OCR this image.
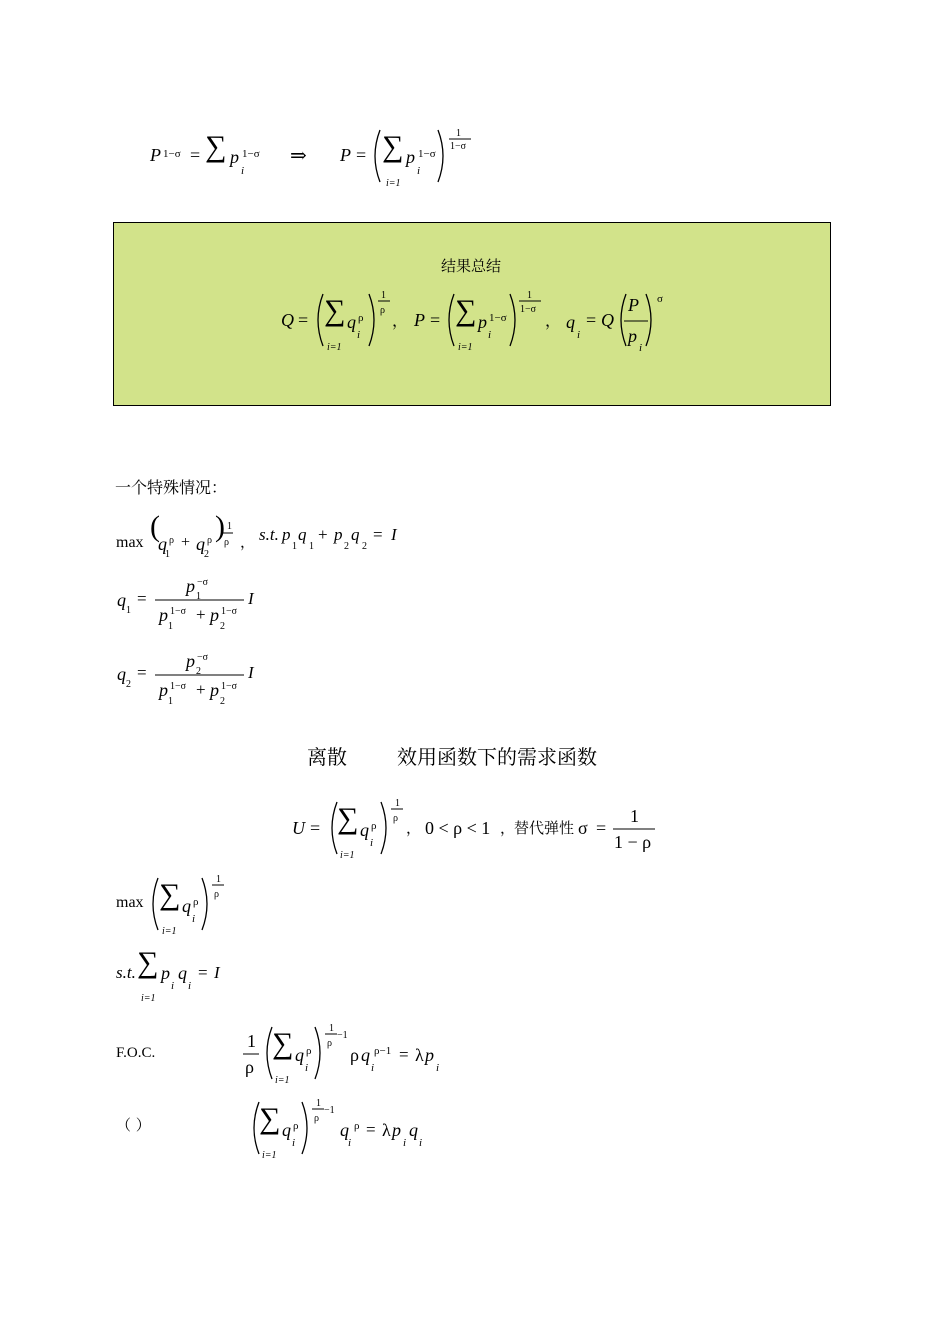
P 1−σ = ∑ p 1−σ
i
⇒ P = ∑ p 1−σ
i
i=1
1
1−σ
结果总结
Q = ∑ q ρ
i
i=1
1
ρ
， P = ∑ p 1−σ
i
i=1
1
1−σ
， q
i
= Q
P
p
i
σ
一个特殊情况：
max (
q ρ
1
+ q ρ
2
) 1
ρ ， s.t. p
1
q
1
+ p
2
q
2
= I
q
1
=
p −σ
1
p 1−σ
1
+ p 1−σ
2
I
q
2
=
p −σ
2
p 1−σ
1
+ p 1−σ
2
I
离散	效用函数下的需求函数
U = ∑ q ρ
i
i=1
1
ρ
， 0 < ρ < 1 ，
替代弹性 σ =
1
1 − ρ
max ∑ q ρ
i
i=1
1
ρ
s.t. ∑ p
i
q
i
= I
i=1
F.O.C.
1
ρ
∑ q ρ
i
i=1
1
ρ
−1
ρ q ρ−1
i
= λ p
i
（ ）	∑ q ρ
i
i=1
1
ρ
−1
q ρ
i
= λ p
i
q
i
